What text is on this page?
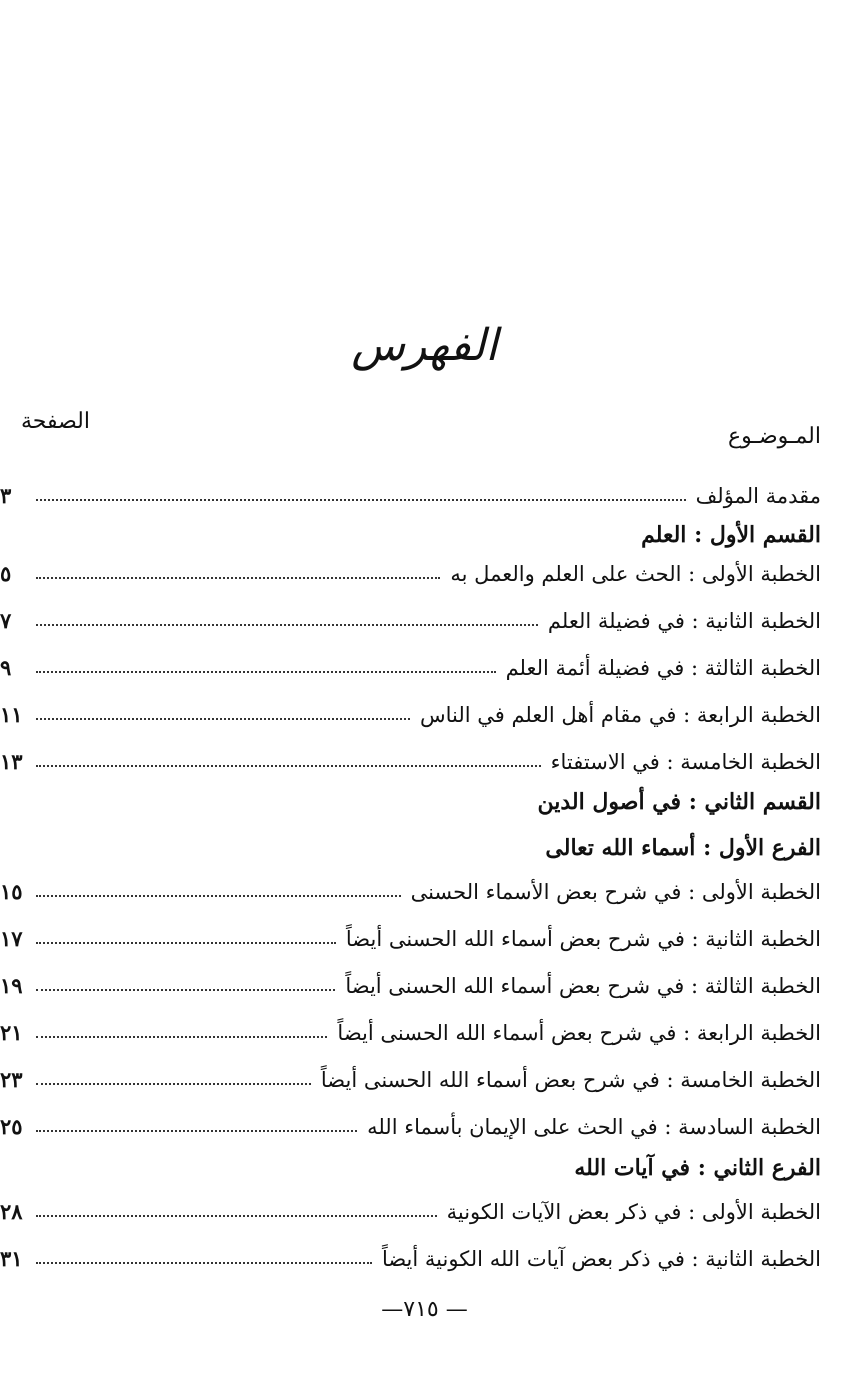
الفهرس
الصفحة
المـوضـوع
مقدمة المؤلف
٣
القسم الأول : العلم
الخطبة الأولى : الحث على العلم والعمل به
٥
الخطبة الثانية : في فضيلة العلم
٧
الخطبة الثالثة : في فضيلة أئمة العلم
٩
الخطبة الرابعة : في مقام أهل العلم في الناس
١١
الخطبة الخامسة : في الاستفتاء
١٣
القسم الثاني : في أصول الدين
الفرع الأول : أسماء الله تعالى
الخطبة الأولى : في شرح بعض الأسماء الحسنى
١٥
الخطبة الثانية : في شرح بعض أسماء الله الحسنى أيضاً
١٧
الخطبة الثالثة : في شرح بعض أسماء الله الحسنى أيضاً
١٩
الخطبة الرابعة : في شرح بعض أسماء الله الحسنى أيضاً
٢١
الخطبة الخامسة : في شرح بعض أسماء الله الحسنى أيضاً
٢٣
الخطبة السادسة : في الحث على الإيمان بأسماء الله
٢٥
الفرع الثاني : في آيات الله
الخطبة الأولى : في ذكر بعض الآيات الكونية
٢٨
الخطبة الثانية : في ذكر بعض آيات الله الكونية أيضاً
٣١
—٧١٥ —
